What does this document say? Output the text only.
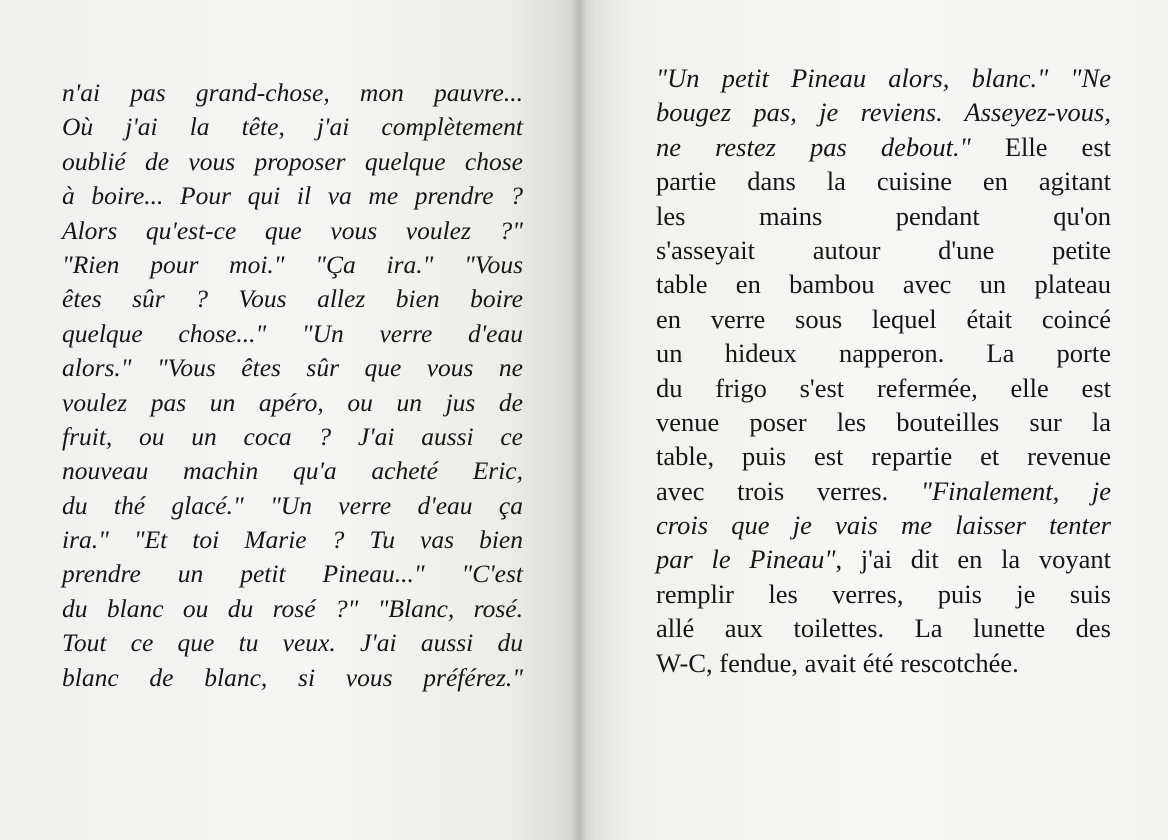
n'ai pas grand-chose, mon pauvre...
Où j'ai la tête, j'ai complètement
oublié de vous proposer quelque chose
à boire... Pour qui il va me prendre ?
Alors qu'est-ce que vous voulez ?"
"Rien pour moi." "Ça ira." "Vous
êtes sûr ? Vous allez bien boire
quelque chose..." "Un verre d'eau
alors." "Vous êtes sûr que vous ne
voulez pas un apéro, ou un jus de
fruit, ou un coca ? J'ai aussi ce
nouveau machin qu'a acheté Eric,
du thé glacé." "Un verre d'eau ça
ira." "Et toi Marie ? Tu vas bien
prendre un petit Pineau..." "C'est
du blanc ou du rosé ?" "Blanc, rosé.
Tout ce que tu veux. J'ai aussi du
blanc de blanc, si vous préférez."
"Un petit Pineau alors, blanc." "Ne
bougez pas, je reviens. Asseyez-vous,
ne restez pas debout." Elle est
partie dans la cuisine en agitant
les mains pendant qu'on
s'asseyait autour d'une petite
table en bambou avec un plateau
en verre sous lequel était coincé
un hideux napperon. La porte
du frigo s'est refermée, elle est
venue poser les bouteilles sur la
table, puis est repartie et revenue
avec trois verres. "Finalement, je
crois que je vais me laisser tenter
par le Pineau", j'ai dit en la voyant
remplir les verres, puis je suis
allé aux toilettes. La lunette des
W-C, fendue, avait été rescotchée.
